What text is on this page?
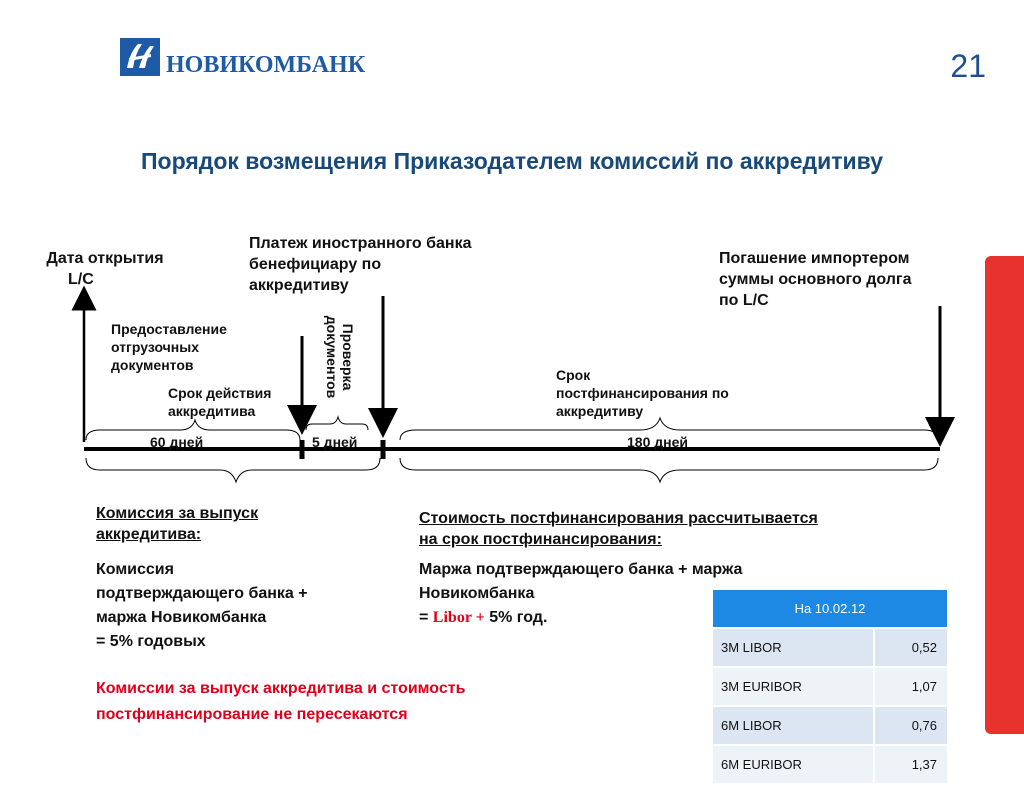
НОВИКОМБАНК	21
Порядок возмещения Приказодателем комиссий по аккредитиву
Дата открытия
L/C
Платеж иностранного банка
бенефициару по
аккредитиву
Погашение импортером
суммы основного долга
по L/C
Предоставление
отгрузочных
документов	Проверка
документов
Срок действия
аккредитива
Срок
постфинансирования по
аккредитиву
60 дней	5 дней	180 дней
Комиссия за выпуск
аккредитива:
Комиссия
подтверждающего банка +
маржа Новикомбанка
= 5% годовых
Стоимость постфинансирования рассчитывается
на срок постфинансирования:
Маржа подтверждающего банка + маржа
Новикомбанка
= Libor + 5% год.
Комиссии за выпуск аккредитива и стоимость
постфинансирование не пересекаются
На 10.02.12	
3M LIBOR	0,52
3M EURIBOR	1,07
6M LIBOR	0,76
6M EURIBOR	1,37
